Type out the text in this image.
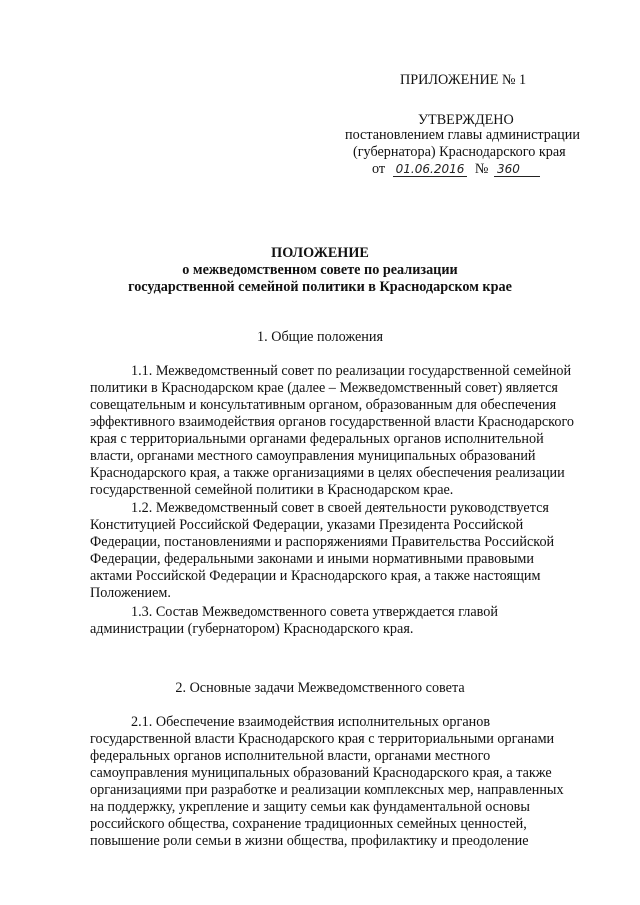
ПРИЛОЖЕНИЕ № 1
УТВЕРЖДЕНО
постановлением главы администрации
(губернатора) Краснодарского края
от 01.06.2016 № 360
ПОЛОЖЕНИЕ
о межведомственном совете по реализации
государственной семейной политики в Краснодарском крае
1. Общие положения
1.1. Межведомственный совет по реализации государственной семейной
политики в Краснодарском крае (далее – Межведомственный совет) является
совещательным и консультативным органом, образованным для обеспечения
эффективного взаимодействия органов государственной власти Краснодарского
края с территориальными органами федеральных органов исполнительной
власти, органами местного самоуправления муниципальных образований
Краснодарского края, а также организациями в целях обеспечения реализации
государственной семейной политики в Краснодарском крае.
1.2. Межведомственный совет в своей деятельности руководствуется
Конституцией Российской Федерации, указами Президента Российской
Федерации, постановлениями и распоряжениями Правительства Российской
Федерации, федеральными законами и иными нормативными правовыми
актами Российской Федерации и Краснодарского края, а также настоящим
Положением.
1.3. Состав Межведомственного совета утверждается главой
администрации (губернатором) Краснодарского края.
2. Основные задачи Межведомственного совета
2.1. Обеспечение взаимодействия исполнительных органов
государственной власти Краснодарского края с территориальными органами
федеральных органов исполнительной власти, органами местного
самоуправления муниципальных образований Краснодарского края, а также
организациями при разработке и реализации комплексных мер, направленных
на поддержку, укрепление и защиту семьи как фундаментальной основы
российского общества, сохранение традиционных семейных ценностей,
повышение роли семьи в жизни общества, профилактику и преодоление
